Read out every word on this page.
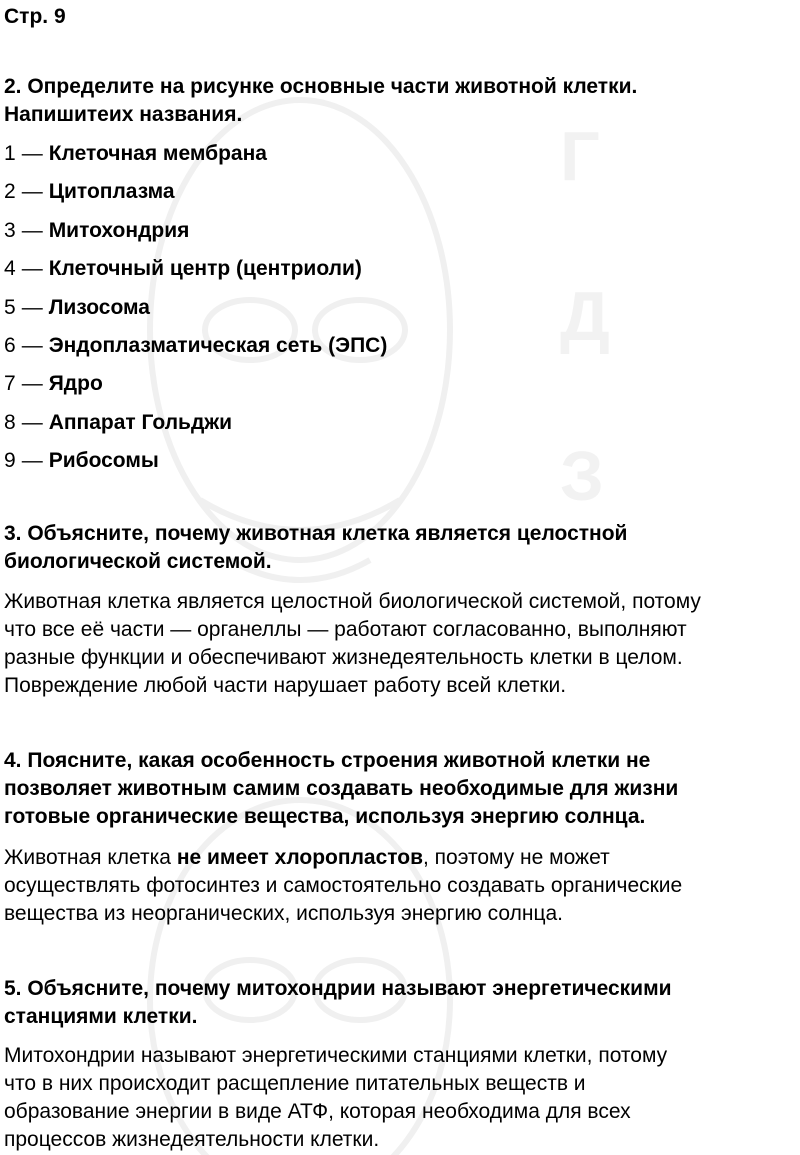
Г
Д
З
Стр. 9
2. Определите на рисунке основные части животной клетки.
Напишитеих названия.
1 — Клеточная мембрана
2 — Цитоплазма
3 — Митохондрия
4 — Клеточный центр (центриоли)
5 — Лизосома
6 — Эндоплазматическая сеть (ЭПС)
7 — Ядро
8 — Аппарат Гольджи
9 — Рибосомы
3. Объясните, почему животная клетка является целостной
биологической системой.
Животная клетка является целостной биологической системой, потому
что все её части — органеллы — работают согласованно, выполняют
разные функции и обеспечивают жизнедеятельность клетки в целом.
Повреждение любой части нарушает работу всей клетки.
4. Поясните, какая особенность строения животной клетки не
позволяет животным самим создавать необходимые для жизни
готовые органические вещества, используя энергию солнца.
Животная клетка не имеет хлоропластов, поэтому не может
осуществлять фотосинтез и самостоятельно создавать органические
вещества из неорганических, используя энергию солнца.
5. Объясните, почему митохондрии называют энергетическими
станциями клетки.
Митохондрии называют энергетическими станциями клетки, потому
что в них происходит расщепление питательных веществ и
образование энергии в виде АТФ, которая необходима для всех
процессов жизнедеятельности клетки.
